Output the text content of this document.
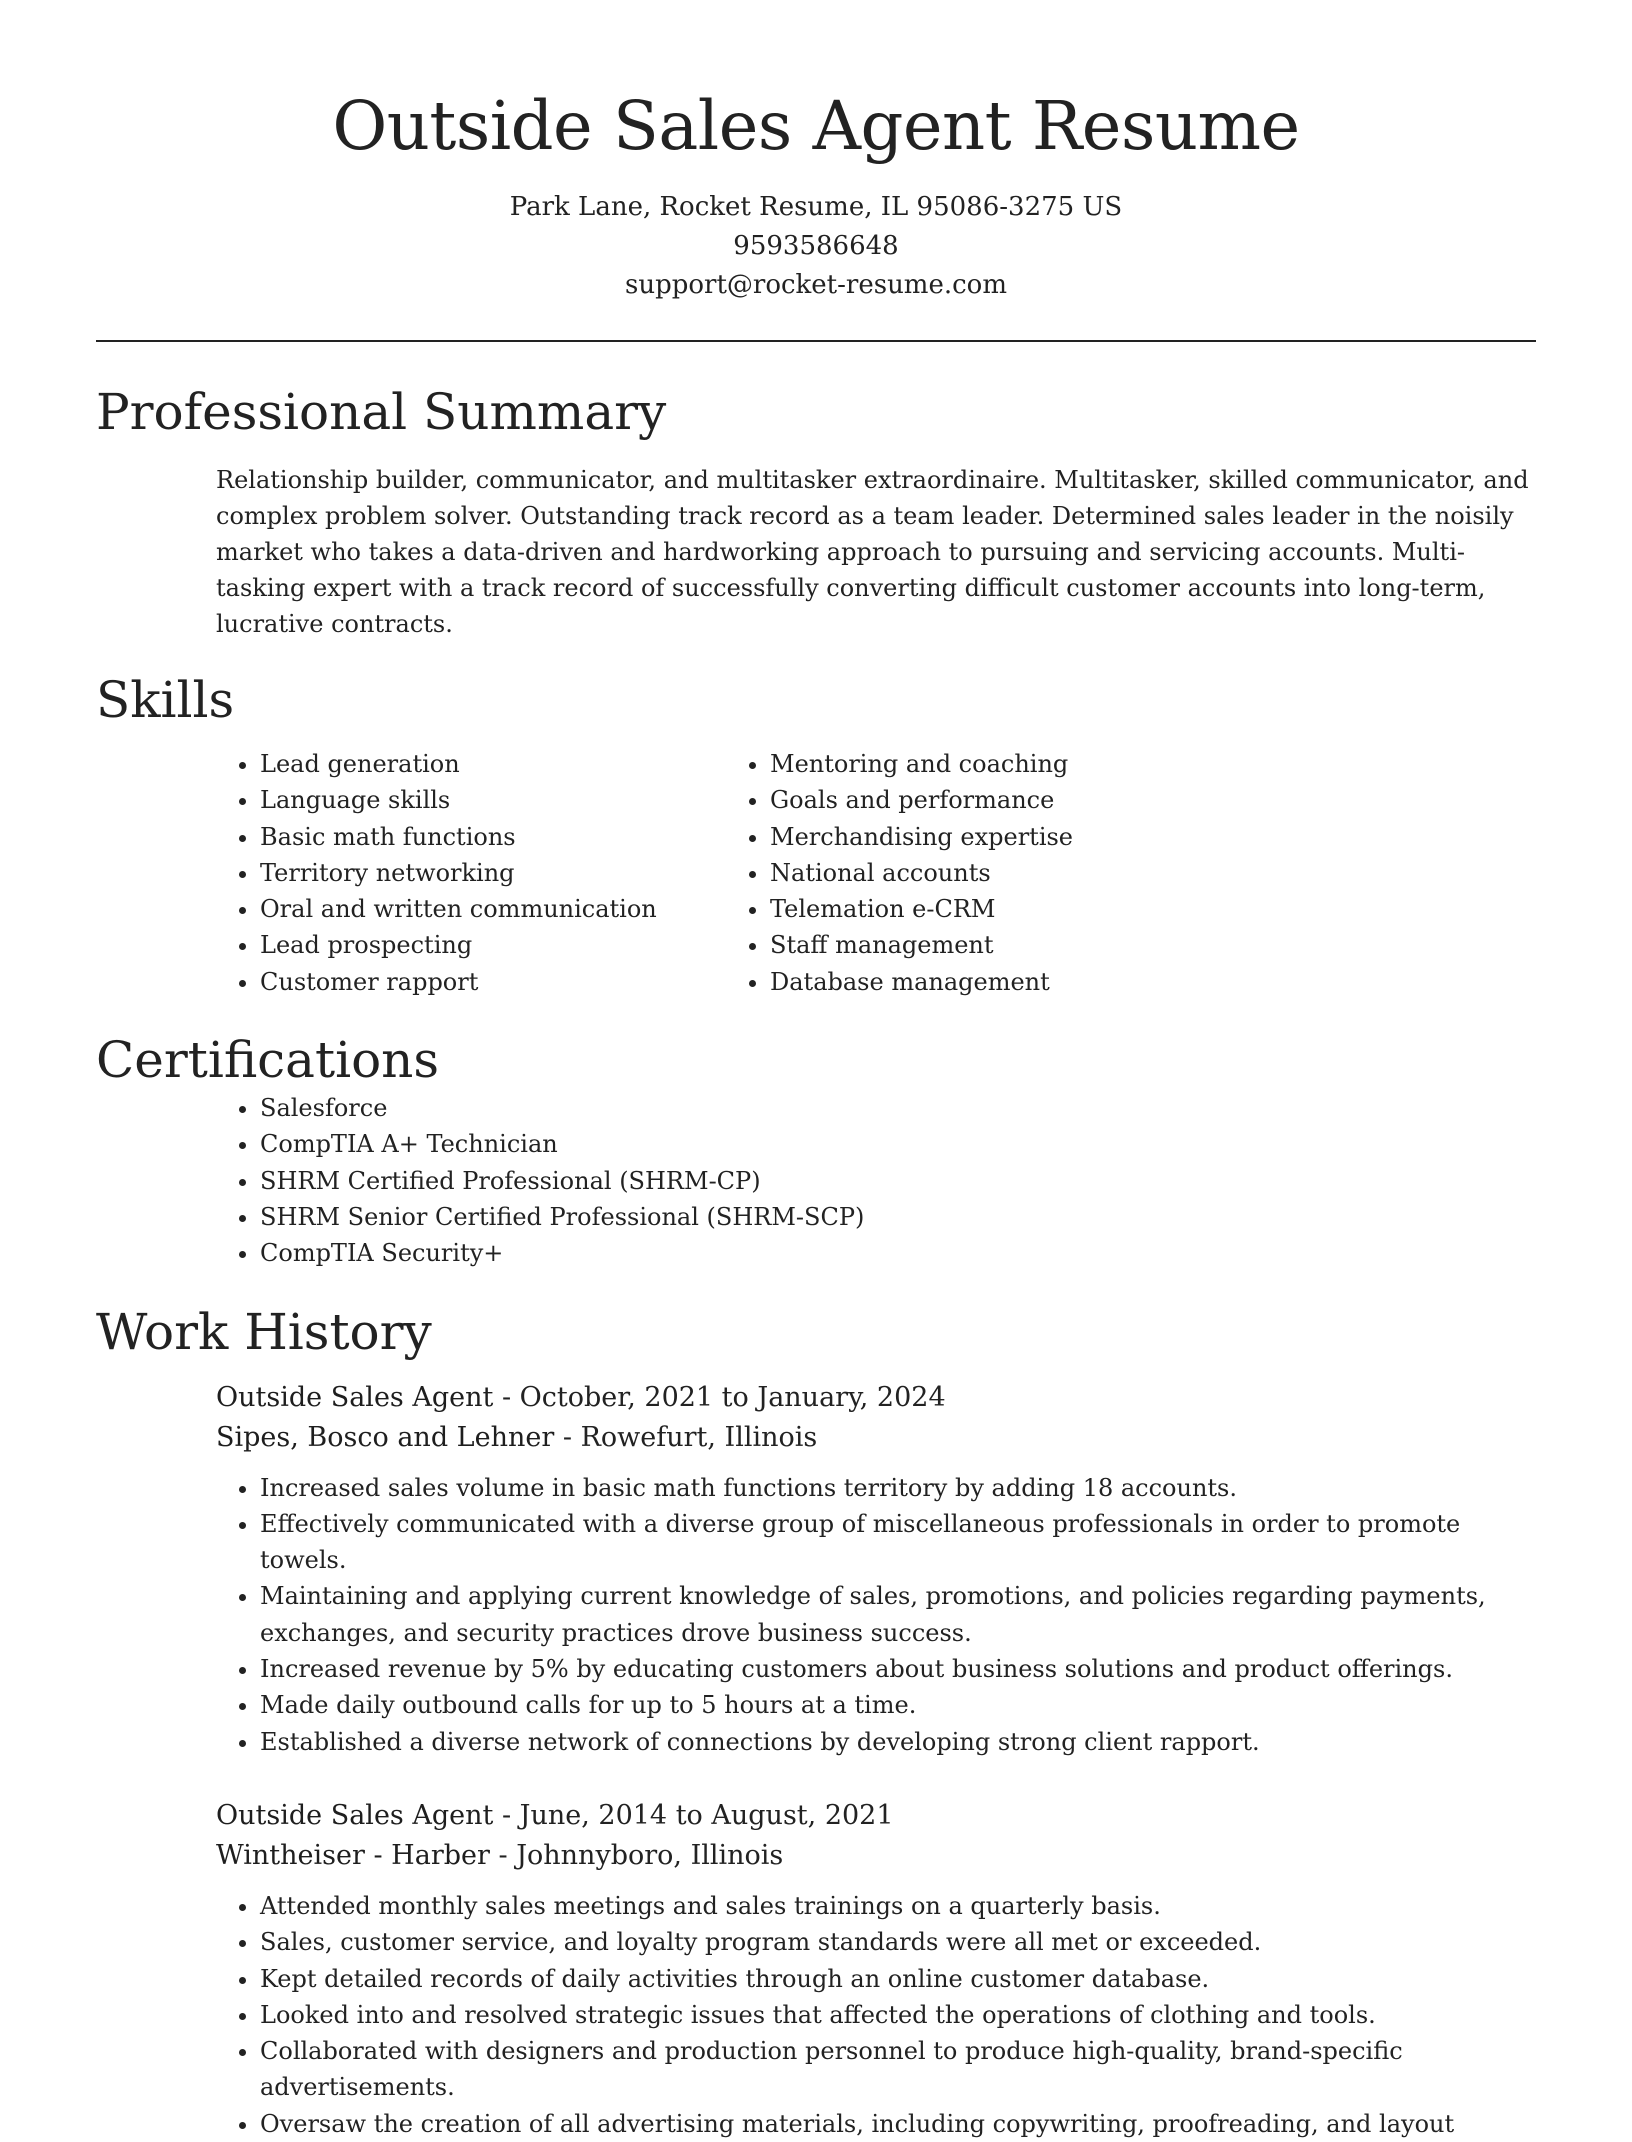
Outside Sales Agent Resume
Park Lane, Rocket Resume, IL 95086-3275 US
9593586648
support@rocket-resume.com
Professional Summary

Relationship builder, communicator, and multitasker extraordinaire. Multitasker, skilled communicator, and complex problem solver. Outstanding track record as a team leader. Determined sales leader in the noisily market who takes a data-driven and hardworking approach to pursuing and servicing accounts. Multi-tasking expert with a track record of successfully converting difficult customer accounts into long-term, lucrative contracts.

Skills
• Lead generation
• Language skills
• Basic math functions
• Territory networking
• Oral and written communication
• Lead prospecting
• Customer rapport
• Mentoring and coaching
• Goals and performance
• Merchandising expertise
• National accounts
• Telemation e-CRM
• Staff management
• Database management
Certifications
• Salesforce
• CompTIA A+ Technician
• SHRM Certified Professional (SHRM-CP)
• SHRM Senior Certified Professional (SHRM-SCP)
• CompTIA Security+
Work History

Outside Sales Agent - October, 2021 to January, 2024

Sipes, Bosco and Lehner - Rowefurt, Illinois

• Increased sales volume in basic math functions territory by adding 18 accounts.
• Effectively communicated with a diverse group of miscellaneous professionals in order to promote towels.
• Maintaining and applying current knowledge of sales, promotions, and policies regarding payments, exchanges, and security practices drove business success.
• Increased revenue by 5% by educating customers about business solutions and product offerings.
• Made daily outbound calls for up to 5 hours at a time.
• Established a diverse network of connections by developing strong client rapport.

Outside Sales Agent - June, 2014 to August, 2021

Wintheiser - Harber - Johnnyboro, Illinois

• Attended monthly sales meetings and sales trainings on a quarterly basis.
• Sales, customer service, and loyalty program standards were all met or exceeded.
• Kept detailed records of daily activities through an online customer database.
• Looked into and resolved strategic issues that affected the operations of clothing and tools.
• Collaborated with designers and production personnel to produce high-quality, brand-specific advertisements.
• Oversaw the creation of all advertising materials, including copywriting, proofreading, and layout
